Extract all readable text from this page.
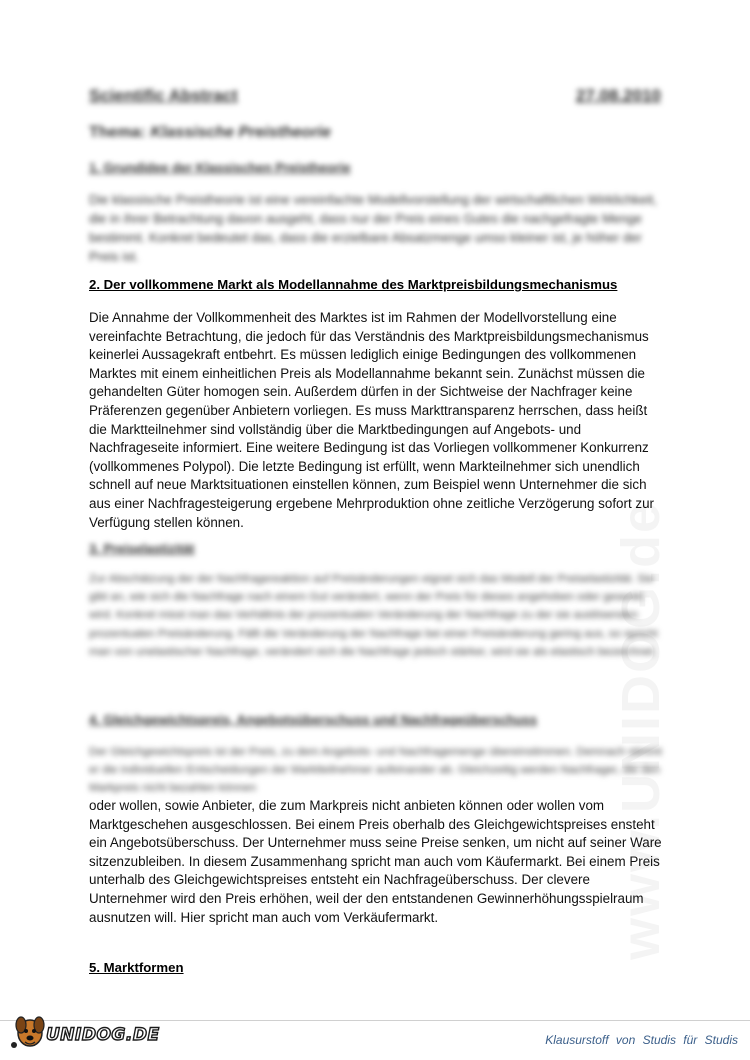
Scientific Abstract	27.08.2010
Thema: Klassische Preistheorie
1. Grundidee der Klassischen Preistheorie

Die klassische Preistheorie ist eine vereinfachte Modellvorstellung der wirtschaftlichen Wirklichkeit, die in ihrer Betrachtung davon ausgeht, dass nur der Preis eines Gutes die nachgefragte Menge bestimmt. Konkret bedeutet das, dass die erzielbare Absatzmenge umso kleiner ist, je höher der Preis ist.

2. Der vollkommene Markt als Modellannahme des Marktpreisbildungsmechanismus

Die Annahme der Vollkommenheit des Marktes ist im Rahmen der Modellvorstellung eine vereinfachte Betrachtung, die jedoch für das Verständnis des Marktpreisbildungsmechanismus keinerlei Aussagekraft entbehrt. Es müssen lediglich einige Bedingungen des vollkommenen Marktes mit einem einheitlichen Preis als Modellannahme bekannt sein. Zunächst müssen die gehandelten Güter homogen sein. Außerdem dürfen in der Sichtweise der Nachfrager keine Präferenzen gegenüber Anbietern vorliegen. Es muss Markttransparenz herrschen, dass heißt die Marktteilnehmer sind vollständig über die Marktbedingungen auf Angebots- und Nachfrageseite informiert. Eine weitere Bedingung ist das Vorliegen vollkommener Konkurrenz (vollkommenes Polypol). Die letzte Bedingung ist erfüllt, wenn Markteilnehmer sich unendlich schnell auf neue Marktsituationen einstellen können, zum Beispiel wenn Unternehmer die sich aus einer Nachfragesteigerung ergebene Mehrproduktion ohne zeitliche Verzögerung sofort zur Verfügung stellen können.

3. Preiselastizität

Zur Abschätzung der der Nachfragereaktion auf Preisänderungen eignet sich das Modell der Preiselastizität. Sie gibt an, wie sich die Nachfrage nach einem Gut verändert, wenn der Preis für dieses angehoben oder gesenkt wird. Konkret misst man das Verhältnis der prozentualen Veränderung der Nachfrage zu der sie auslösenden prozentualen Preisänderung. Fällt die Veränderung der Nachfrage bei einer Preisänderung gering aus, so spricht man von unelastischer Nachfrage, verändert sich die Nachfrage jedoch stärker, wird sie als elastisch bezeichnet.

4. Gleichgewichtspreis, Angebotsüberschuss und Nachfrageüberschuss

Der Gleichgewichtspreis ist der Preis, zu dem Angebots- und Nachfragemenge übereinstimmen. Demnach stimmt er die individuellen Entscheidungen der Marktteilnehmer aufeinander ab. Gleichzeitig werden Nachfrager, die den Markpreis nicht bezahlen können

oder wollen, sowie Anbieter, die zum Markpreis nicht anbieten können oder wollen vom Marktgeschehen ausgeschlossen. Bei einem Preis oberhalb des Gleichgewichtspreises ensteht ein Angebotsüberschuss. Der Unternehmer muss seine Preise senken, um nicht auf seiner Ware sitzenzubleiben. In diesem Zusammenhang spricht man auch vom Käufermarkt. Bei einem Preis unterhalb des Gleichgewichtspreises entsteht ein Nachfrageüberschuss. Der clevere Unternehmer wird den Preis erhöhen, weil der den entstandenen Gewinnerhöhungsspielraum ausnutzen will. Hier spricht man auch vom Verkäufermarkt.

5. Marktformen
UNIDOG.DE	Klausurstoff von Studis für Studis
